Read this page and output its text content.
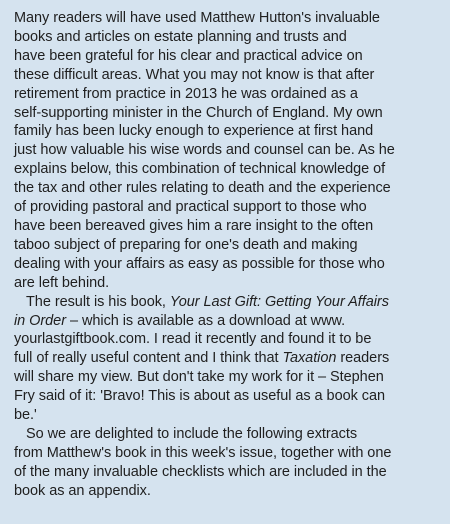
Many readers will have used Matthew Hutton's invaluable
books and articles on estate planning and trusts and
have been grateful for his clear and practical advice on
these difficult areas. What you may not know is that after
retirement from practice in 2013 he was ordained as a
self-supporting minister in the Church of England. My own
family has been lucky enough to experience at first hand
just how valuable his wise words and counsel can be. As he
explains below, this combination of technical knowledge of
the tax and other rules relating to death and the experience
of providing pastoral and practical support to those who
have been bereaved gives him a rare insight to the often
taboo subject of preparing for one's death and making
dealing with your affairs as easy as possible for those who
are left behind.

The result is his book, Your Last Gift: Getting Your Affairs
in Order – which is available as a download at www.
yourlastgiftbook.com. I read it recently and found it to be
full of really useful content and I think that Taxation readers
will share my view. But don't take my work for it – Stephen
Fry said of it: 'Bravo! This is about as useful as a book can
be.'

So we are delighted to include the following extracts
from Matthew's book in this week's issue, together with one
of the many invaluable checklists which are included in the
book as an appendix.
